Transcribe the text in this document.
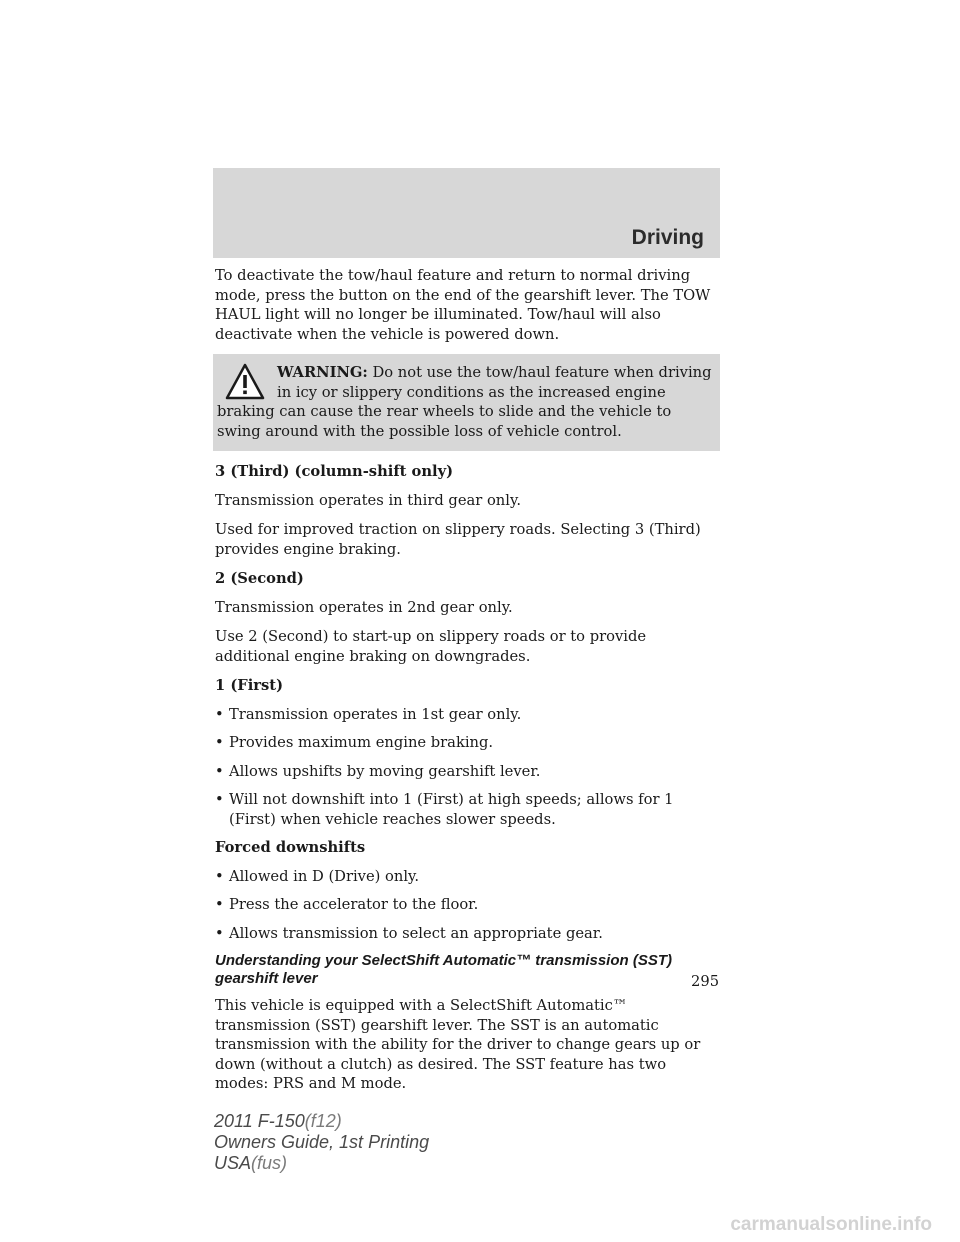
Driving

To deactivate the tow/haul feature and return to normal driving mode, press the button on the end of the gearshift lever. The TOW HAUL light will no longer be illuminated. Tow/haul will also deactivate when the vehicle is powered down.

WARNING: Do not use the tow/haul feature when driving in icy or slippery conditions as the increased engine braking can cause the rear wheels to slide and the vehicle to swing around with the possible loss of vehicle control.
3 (Third) (column-shift only)

Transmission operates in third gear only.

Used for improved traction on slippery roads. Selecting 3 (Third) provides engine braking.

2 (Second)

Transmission operates in 2nd gear only.

Use 2 (Second) to start-up on slippery roads or to provide additional engine braking on downgrades.

1 (First)
• Transmission operates in 1st gear only.
• Provides maximum engine braking.
• Allows upshifts by moving gearshift lever.
• Will not downshift into 1 (First) at high speeds; allows for 1 (First) when vehicle reaches slower speeds.
Forced downshifts
• Allowed in D (Drive) only.
• Press the accelerator to the floor.
• Allows transmission to select an appropriate gear.
Understanding your SelectShift Automatic™ transmission (SST) gearshift lever

This vehicle is equipped with a SelectShift Automatic™ transmission (SST) gearshift lever. The SST is an automatic transmission with the ability for the driver to change gears up or down (without a clutch) as desired. The SST feature has two modes: PRS and M mode.

295
2011 F-150(f12)
Owners Guide, 1st Printing
USA(fus)
carmanualsonline.info
